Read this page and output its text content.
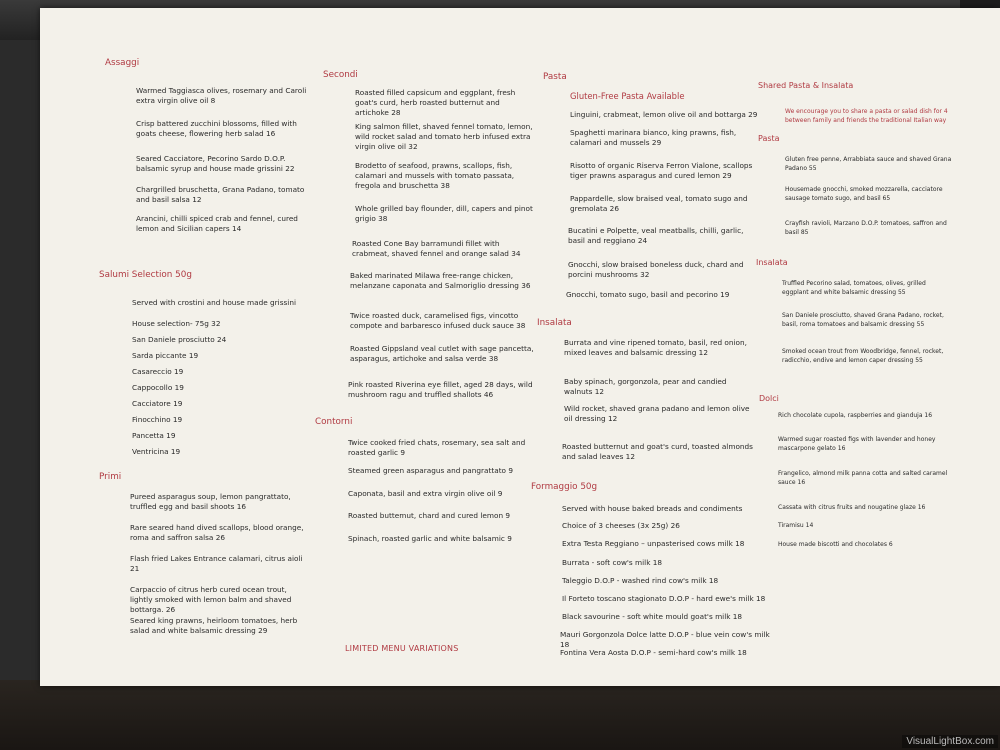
Assaggi
Warmed Taggiasca olives, rosemary and Caroli extra virgin olive oil 8
Crisp battered zucchini blossoms, filled with goats cheese, flowering herb salad 16
Seared Cacciatore, Pecorino Sardo D.O.P. balsamic syrup and house made grissini 22
Chargrilled bruschetta, Grana Padano, tomato and basil salsa 12
Arancini, chilli spiced crab and fennel, cured lemon and Sicilian capers 14
Salumi Selection 50g
Served with crostini and house made grissini
House selection- 75g 32
San Daniele prosciutto 24
Sarda piccante 19
Casareccio 19
Cappocollo 19
Cacciatore 19
Finocchino 19
Pancetta 19
Ventricina 19
Primi
Pureed asparagus soup, lemon pangrattato, truffled egg and basil shoots 16
Rare seared hand dived scallops, blood orange, roma and saffron salsa 26
Flash fried Lakes Entrance calamari, citrus aioli 21
Carpaccio of citrus herb cured ocean trout, lightly smoked with lemon balm and shaved bottarga. 26
Seared king prawns, heirloom tomatoes, herb salad and white balsamic dressing 29
Secondi
Roasted filled capsicum and eggplant, fresh goat's curd, herb roasted butternut and artichoke 28
King salmon fillet, shaved fennel tomato, lemon, wild rocket salad and tomato herb infused extra virgin olive oil 32
Brodetto of seafood, prawns, scallops, fish, calamari and mussels with tomato passata, fregola and bruschetta 38
Whole grilled bay flounder, dill, capers and pinot grigio 38
Roasted Cone Bay barramundi fillet with crabmeat, shaved fennel and orange salad 34
Baked marinated Milawa free-range chicken, melanzane caponata and Salmoriglio dressing 36
Twice roasted duck, caramelised figs, vincotto compote and barbaresco infused duck sauce 38
Roasted Gippsland veal cutlet with sage pancetta, asparagus, artichoke and salsa verde 38
Pink roasted Riverina eye fillet, aged 28 days, wild mushroom ragu and truffled shallots 46
Contorni
Twice cooked fried chats, rosemary, sea salt and roasted garlic 9
Steamed green asparagus and pangrattato 9
Caponata, basil and extra virgin olive oil 9
Roasted buttemut, chard and cured lemon 9
Spinach, roasted garlic and white balsamic 9
LIMITED MENU VARIATIONS
Pasta
Gluten-Free Pasta Available
Linguini, crabmeat, lemon olive oil and bottarga 29
Spaghetti marinara bianco, king prawns, fish, calamari and mussels 29
Risotto of organic Riserva Ferron Vialone, scallops tiger prawns asparagus and cured lemon 29
Pappardelle, slow braised veal, tomato sugo and gremolata 26
Bucatini e Polpette, veal meatballs, chilli, garlic, basil and reggiano 24
Gnocchi, slow braised boneless duck, chard and porcini mushrooms 32
Gnocchi, tomato sugo, basil and pecorino 19
Insalata
Burrata and vine ripened tomato, basil, red onion, mixed leaves and balsamic dressing 12
Baby spinach, gorgonzola, pear and candied walnuts 12
Wild rocket, shaved grana padano and lemon olive oil dressing 12
Roasted butternut and goat's curd, toasted almonds and salad leaves 12
Formaggio 50g
Served with house baked breads and condiments
Choice of 3 cheeses (3x 25g) 26
Extra Testa Reggiano – unpasterised cows milk 18
Burrata - soft cow's milk 18
Taleggio D.O.P - washed rind cow's milk 18
Il Forteto toscano stagionato D.O.P - hard ewe's milk 18
Black savourine - soft white mould goat's milk 18
Mauri Gorgonzola Dolce latte D.O.P - blue vein cow's milk 18
Fontina Vera Aosta D.O.P - semi-hard cow's milk 18
Shared Pasta & Insalata
We encourage you to share a pasta or salad dish for 4 between family and friends the traditional Italian way
Pasta
Gluten free penne, Arrabbiata sauce and shaved Grana Padano 55
Housemade gnocchi, smoked mozzarella, cacciatore sausage tomato sugo, and basil 65
Crayfish ravioli, Marzano D.O.P. tomatoes, saffron and basil 85
Insalata
Truffled Pecorino salad, tomatoes, olives, grilled eggplant and white balsamic dressing 55
San Daniele prosciutto, shaved Grana Padano, rocket, basil, roma tomatoes and balsamic dressing 55
Smoked ocean trout from Woodbridge, fennel, rocket, radicchio, endive and lemon caper dressing 55
Dolci
Rich chocolate cupola, raspberries and gianduja 16
Warmed sugar roasted figs with lavender and honey mascarpone gelato 16
Frangelico, almond milk panna cotta and salted caramel sauce 16
Cassata with citrus fruits and nougatine glaze 16
Tiramisu 14
House made biscotti and chocolates 6
VisualLightBox.com
